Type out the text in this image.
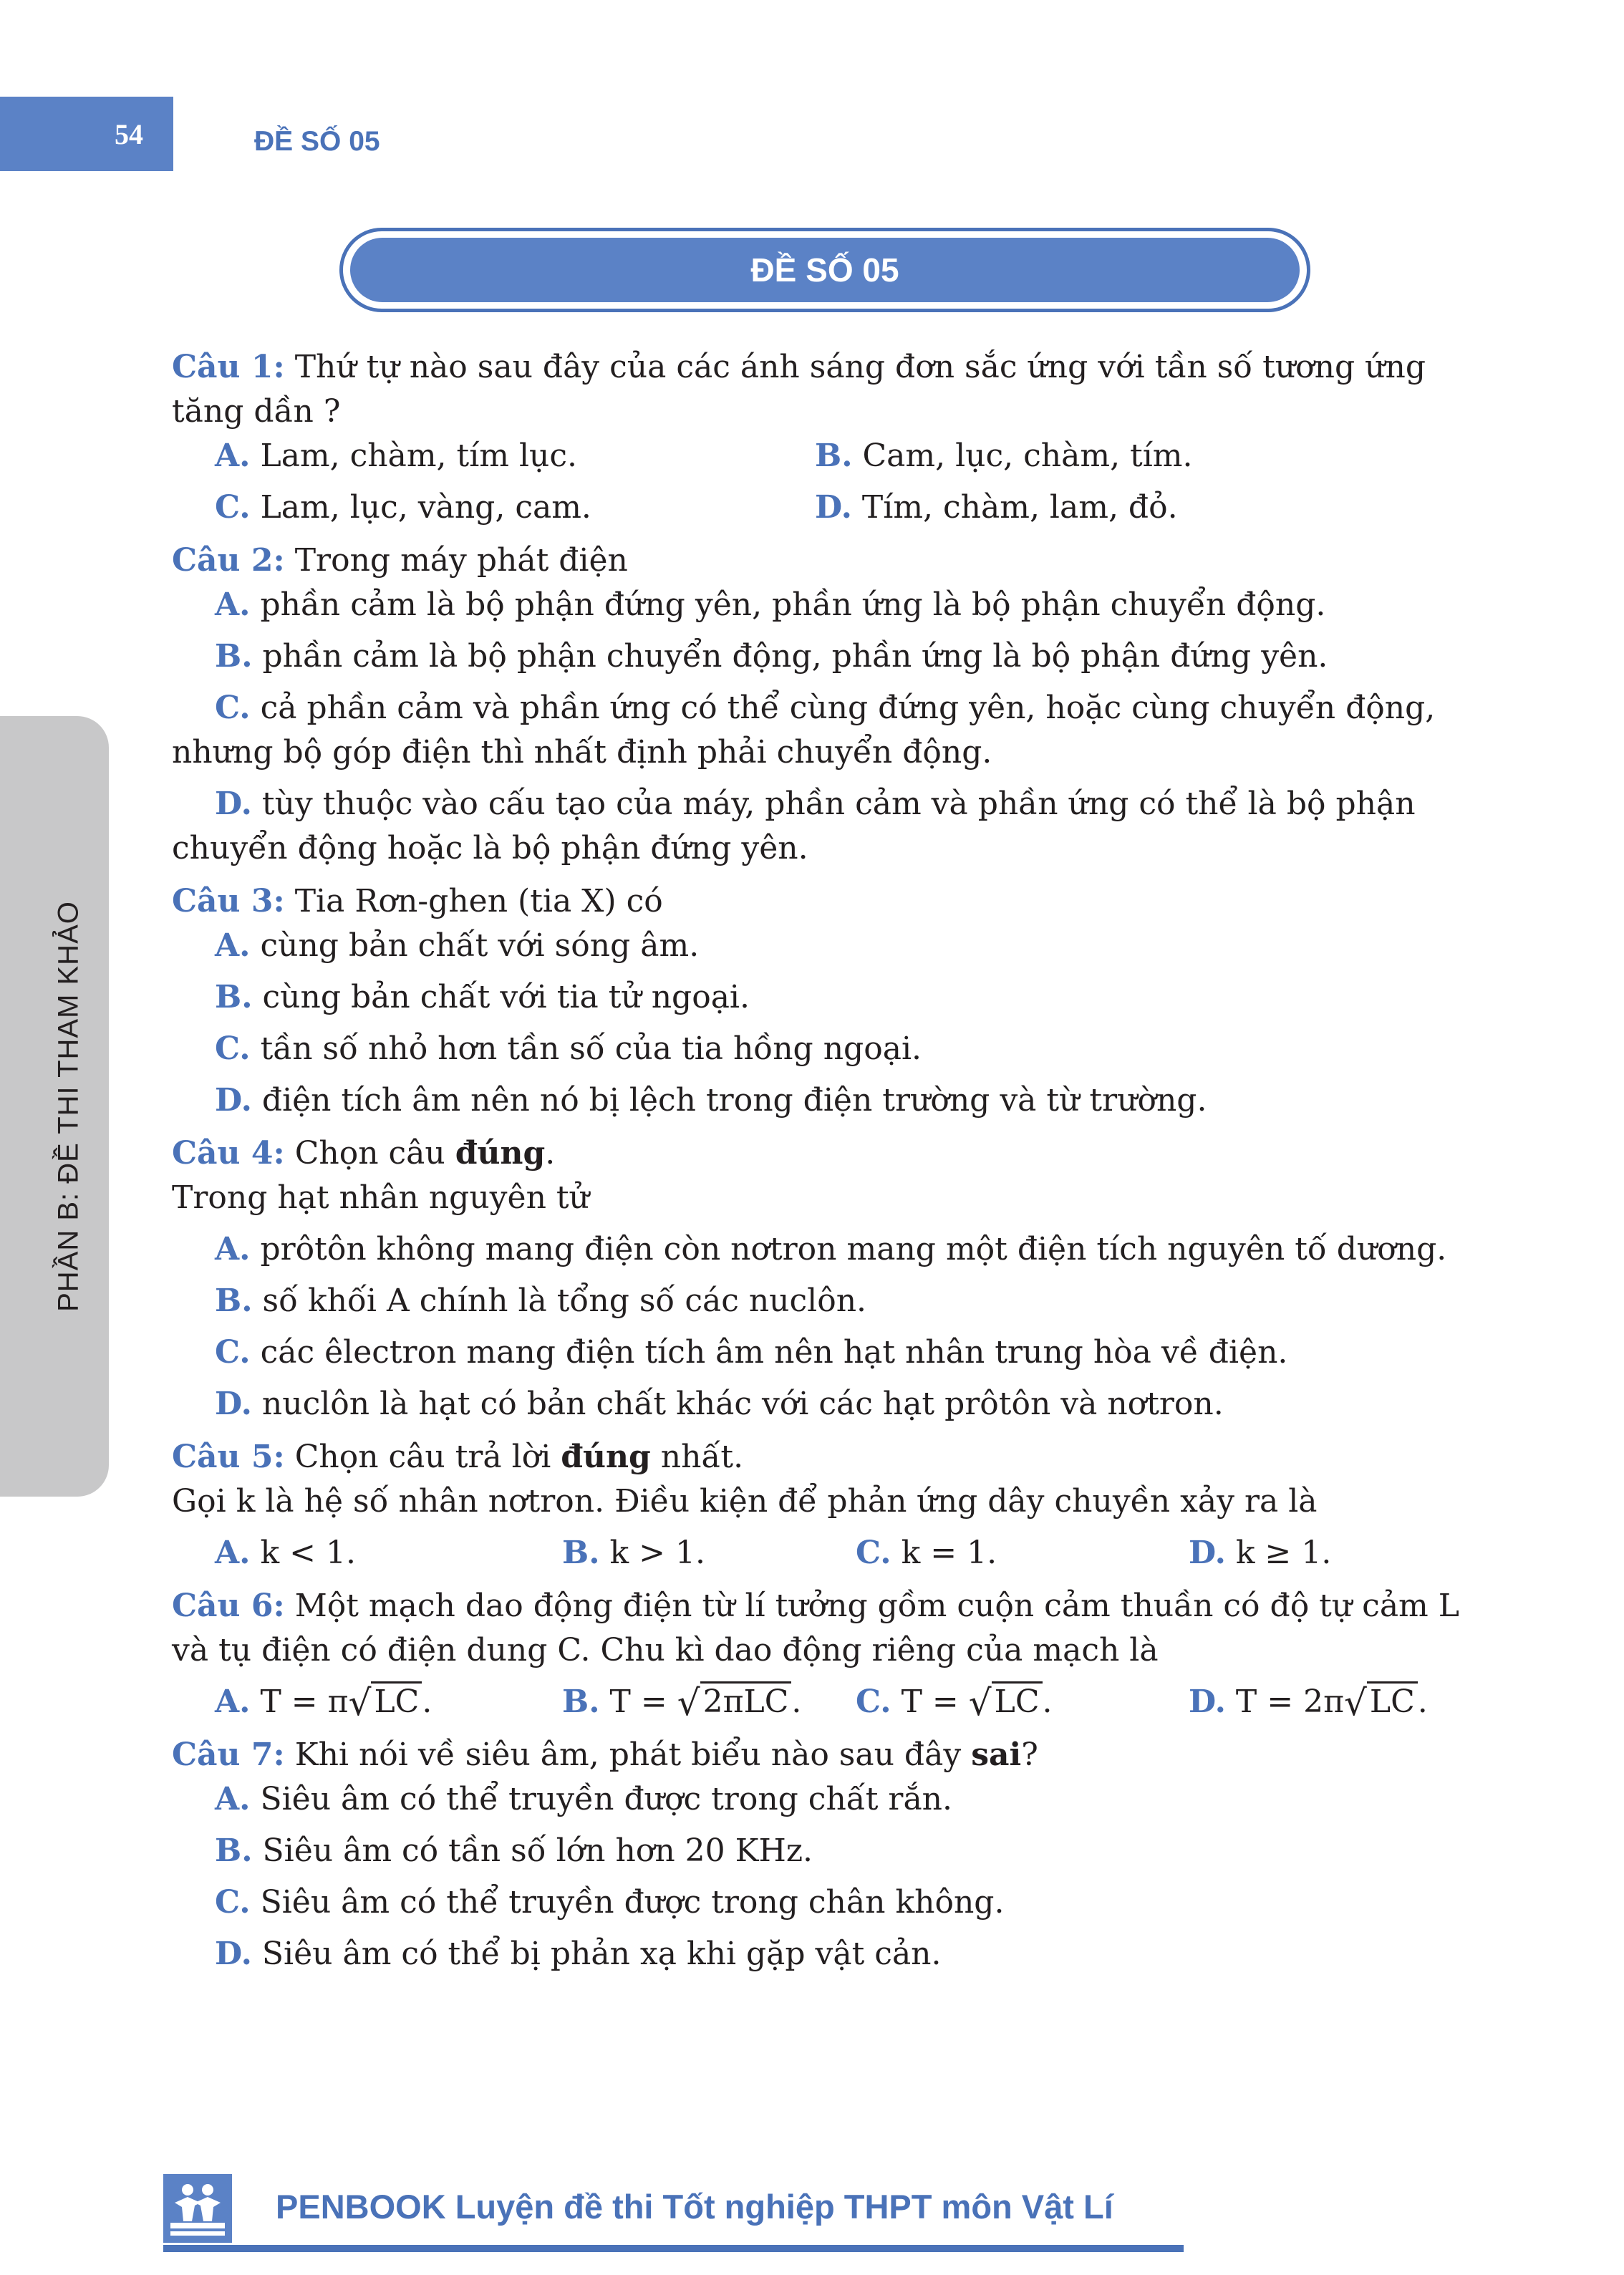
54	ĐỀ SỐ 05
PHẦN B: ĐỀ THI THAM KHẢO
ĐỀ SỐ 05

Câu 1: Thứ tự nào sau đây của các ánh sáng đơn sắc ứng với tần số tương ứng tăng dần ?

A. Lam, chàm, tím lục.	B. Cam, lục, chàm, tím.
C. Lam, lục, vàng, cam.	D. Tím, chàm, lam, đỏ.

Câu 2: Trong máy phát điện

A. phần cảm là bộ phận đứng yên, phần ứng là bộ phận chuyển động.

B. phần cảm là bộ phận chuyển động, phần ứng là bộ phận đứng yên.

C. cả phần cảm và phần ứng có thể cùng đứng yên, hoặc cùng chuyển động, nhưng bộ góp điện thì nhất định phải chuyển động.

D. tùy thuộc vào cấu tạo của máy, phần cảm và phần ứng có thể là bộ phận chuyển động hoặc là bộ phận đứng yên.

Câu 3: Tia Rơn-ghen (tia X) có

A. cùng bản chất với sóng âm.

B. cùng bản chất với tia tử ngoại.

C. tần số nhỏ hơn tần số của tia hồng ngoại.

D. điện tích âm nên nó bị lệch trong điện trường và từ trường.

Câu 4: Chọn câu đúng.

Trong hạt nhân nguyên tử

A. prôtôn không mang điện còn nơtron mang một điện tích nguyên tố dương.

B. số khối A chính là tổng số các nuclôn.

C. các êlectron mang điện tích âm nên hạt nhân trung hòa về điện.

D. nuclôn là hạt có bản chất khác với các hạt prôtôn và nơtron.

Câu 5: Chọn câu trả lời đúng nhất.

Gọi k là hệ số nhân nơtron. Điều kiện để phản ứng dây chuyền xảy ra là

A. k < 1.	B. k > 1.	C. k = 1.	D. k ≥ 1.

Câu 6: Một mạch dao động điện từ lí tưởng gồm cuộn cảm thuần có độ tự cảm L và tụ điện có điện dung C. Chu kì dao động riêng của mạch là

A. T = π√LC.	B. T = √2πLC.	C. T = √LC.	D. T = 2π√LC.

Câu 7: Khi nói về siêu âm, phát biểu nào sau đây sai?

A. Siêu âm có thể truyền được trong chất rắn.

B. Siêu âm có tần số lớn hơn 20 KHz.

C. Siêu âm có thể truyền được trong chân không.

D. Siêu âm có thể bị phản xạ khi gặp vật cản.

PENBOOK Luyện đề thi Tốt nghiệp THPT môn Vật Lí
